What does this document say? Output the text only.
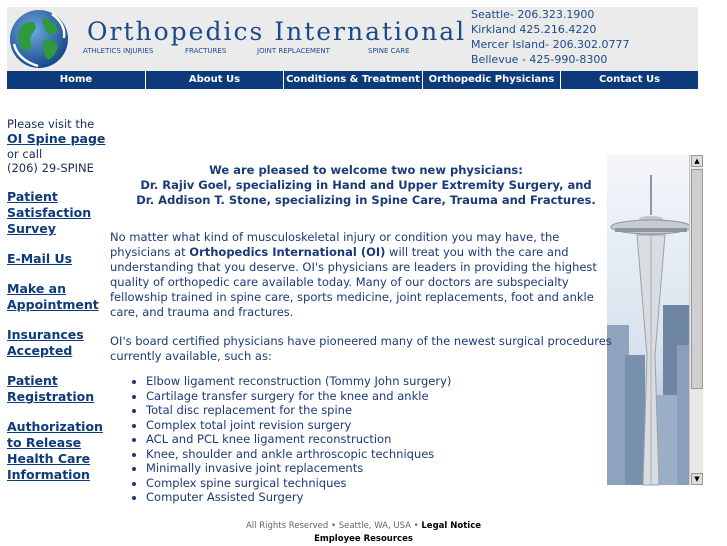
Orthopedics International
ATHLETICS INJURIES	FRACTURES	JOINT REPLACEMENT	SPINE CARE
Seattle- 206.323.1900
Kirkland 425.216.4220
Mercer Island- 206.302.0777
Bellevue - 425-990-8300
Home	About Us	Conditions & Treatment Orthopedic Physicians	Contact Us
Please visit the
OI Spine page
or call
(206) 29-SPINE
Patient Satisfaction Survey
E-Mail Us
Make an Appointment
Insurances Accepted
Patient Registration
Authorization to Release Health Care Information
▲
▼
We are pleased to welcome two new physicians:
Dr. Rajiv Goel, specializing in Hand and Upper Extremity Surgery, and
Dr. Addison T. Stone, specializing in Spine Care, Trauma and Fractures.

No matter what kind of musculoskeletal injury or condition you may have, the physicians at Orthopedics International (OI) will treat you with the care and understanding that you deserve. OI's physicians are leaders in providing the highest quality of orthopedic care available today. Many of our doctors are subspecialty fellowship trained in spine care, sports medicine, joint replacements, foot and ankle care, and trauma and fractures.

OI's board certified physicians have pioneered many of the newest surgical procedures currently available, such as:

• Elbow ligament reconstruction (Tommy John surgery)
• Cartilage transfer surgery for the knee and ankle
• Total disc replacement for the spine
• Complex total joint revision surgery
• ACL and PCL knee ligament reconstruction
• Knee, shoulder and ankle arthroscopic techniques
• Minimally invasive joint replacements
• Complex spine surgical techniques
• Computer Assisted Surgery
All Rights Reserved • Seattle, WA, USA • Legal Notice
Employee Resources
